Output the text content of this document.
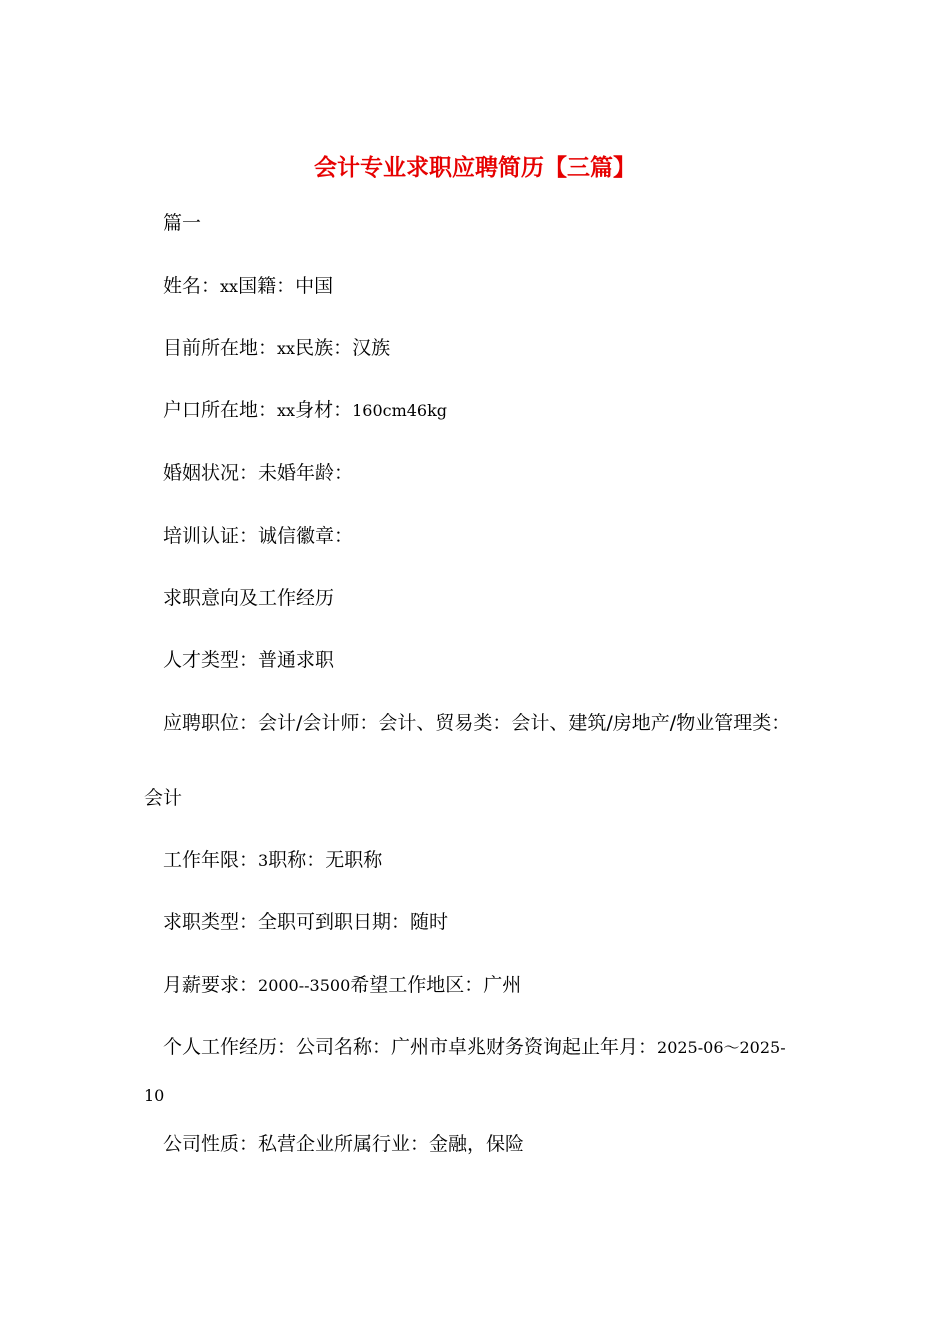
会计专业求职应聘简历【三篇】

篇一

姓名：xx国籍：中国

目前所在地：xx民族：汉族

户口所在地：xx身材：160cm46kg

婚姻状况：未婚年龄：

培训认证：诚信徽章：

求职意向及工作经历

人才类型：普通求职

应聘职位：会计/会计师：会计、贸易类：会计、建筑/房地产/物业管理类：

会计

工作年限：3职称：无职称

求职类型：全职可到职日期：随时

月薪要求：2000--3500希望工作地区：广州

个人工作经历：公司名称：广州市卓兆财务资询起止年月：2025-06～2025-

10

公司性质：私营企业所属行业：金融，保险
